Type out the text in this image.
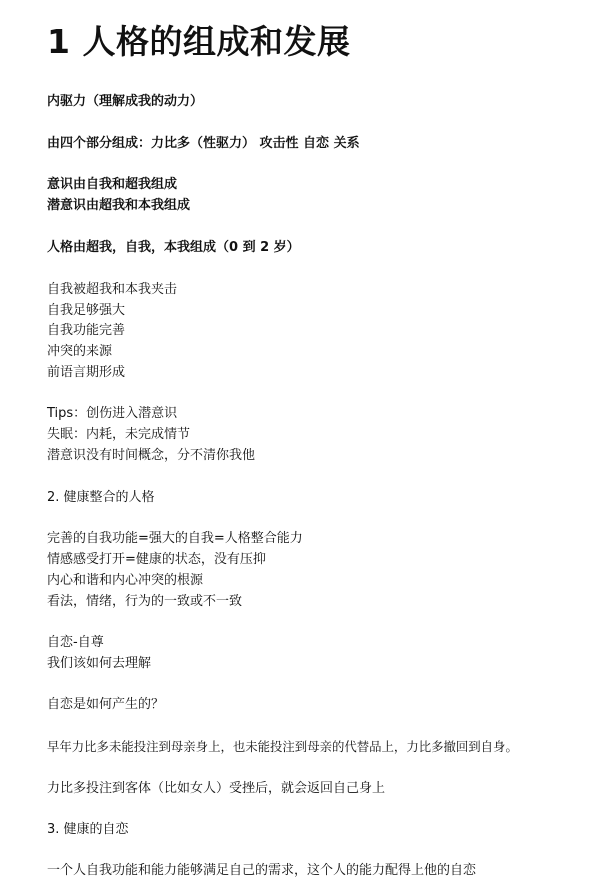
1 人格的组成和发展
内驱力（理解成我的动力）
由四个部分组成：力比多（性驱力） 攻击性 自恋 关系
意识由自我和超我组成
潜意识由超我和本我组成
人格由超我，自我，本我组成（0 到 2 岁）
自我被超我和本我夹击
自我足够强大
自我功能完善
冲突的来源
前语言期形成
Tips：创伤进入潜意识
失眠：内耗，未完成情节
潜意识没有时间概念，分不清你我他
2. 健康整合的人格
完善的自我功能=强大的自我=人格整合能力
情感感受打开=健康的状态，没有压抑
内心和谐和内心冲突的根源
看法，情绪，行为的一致或不一致
自恋-自尊
我们该如何去理解
自恋是如何产生的？
早年力比多未能投注到母亲身上，也未能投注到母亲的代替品上，力比多撤回到自身。
力比多投注到客体（比如女人）受挫后，就会返回自己身上
3. 健康的自恋
一个人自我功能和能力能够满足自己的需求，这个人的能力配得上他的自恋
